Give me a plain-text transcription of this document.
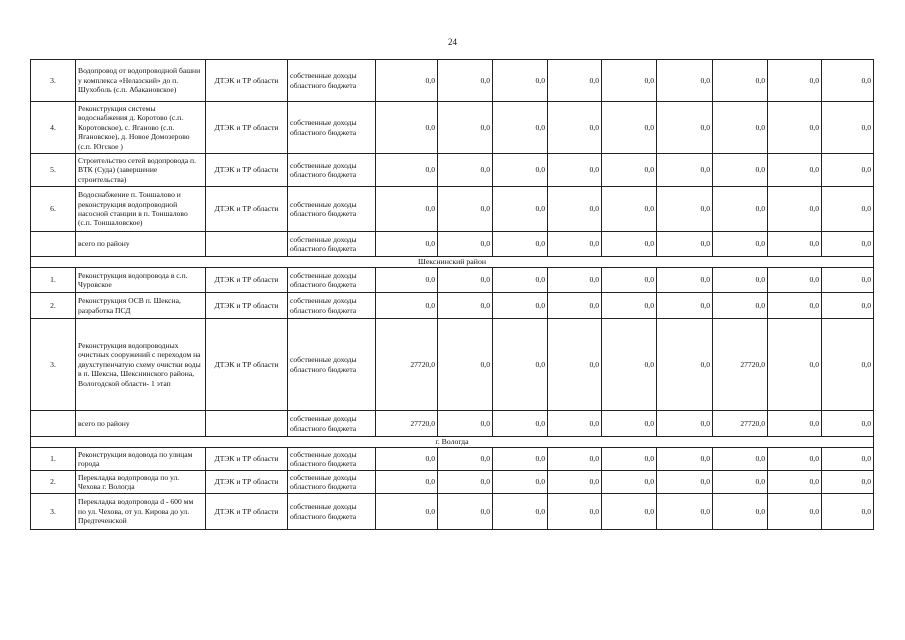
24
3.	Водопровод от водопроводной башни у комплекса «Нелазский» до п. Шухоболь (с.п. Абакановское)	ДТЭК и ТР области	собственные доходы областного бюджета	0,0	0,0	0,0	0,0	0,0	0,0	0,0	0,0	0,0
4.	Реконструкция системы водоснабжения д. Коротово (с.п. Коротовское), с. Яганово (с.п. Ягановское), д. Новое Домозерово (с.п. Югское )	ДТЭК и ТР области	собственные доходы областного бюджета	0,0	0,0	0,0	0,0	0,0	0,0	0,0	0,0	0,0
5.	Строительство сетей водопровода п. ВТК (Суда) (завершение строительства)	ДТЭК и ТР области	собственные доходы областного бюджета	0,0	0,0	0,0	0,0	0,0	0,0	0,0	0,0	0,0
6.	Водоснабжение п. Тоншалово и реконструкция водопроводной насосной станции в п. Тоншалово (с.п. Тоншаловское)	ДТЭК и ТР области	собственные доходы областного бюджета	0,0	0,0	0,0	0,0	0,0	0,0	0,0	0,0	0,0
	всего по району		собственные доходы областного бюджета	0,0	0,0	0,0	0,0	0,0	0,0	0,0	0,0	0,0
Шекснинский район												
1.	Реконструкция водопровода в с.п. Чуровское	ДТЭК и ТР области	собственные доходы областного бюджета	0,0	0,0	0,0	0,0	0,0	0,0	0,0	0,0	0,0
2.	Реконструкция ОСВ п. Шексна, разработка ПСД	ДТЭК и ТР области	собственные доходы областного бюджета	0,0	0,0	0,0	0,0	0,0	0,0	0,0	0,0	0,0
3.	Реконструкция водопроводных очистных сооружений с переходом на двухступенчатую схему очистки воды в п. Шексна, Шекснинского района, Вологодской области- 1 этап	ДТЭК и ТР области	собственные доходы областного бюджета	27720,0	0,0	0,0	0,0	0,0	0,0	27720,0	0,0	0,0
	всего по району		собственные доходы областного бюджета	27720,0	0,0	0,0	0,0	0,0	0,0	27720,0	0,0	0,0
г. Вологда												
1.	Реконструкция водовода по улицам города	ДТЭК и ТР области	собственные доходы областного бюджета	0,0	0,0	0,0	0,0	0,0	0,0	0,0	0,0	0,0
2.	Перекладка водопровода по ул. Чехова г. Вологда	ДТЭК и ТР области	собственные доходы областного бюджета	0,0	0,0	0,0	0,0	0,0	0,0	0,0	0,0	0,0
3.	Перекладка водопровода d - 600 мм по ул. Чехова, от ул. Кирова до ул. Предтеченской	ДТЭК и ТР области	собственные доходы областного бюджета	0,0	0,0	0,0	0,0	0,0	0,0	0,0	0,0	0,0
